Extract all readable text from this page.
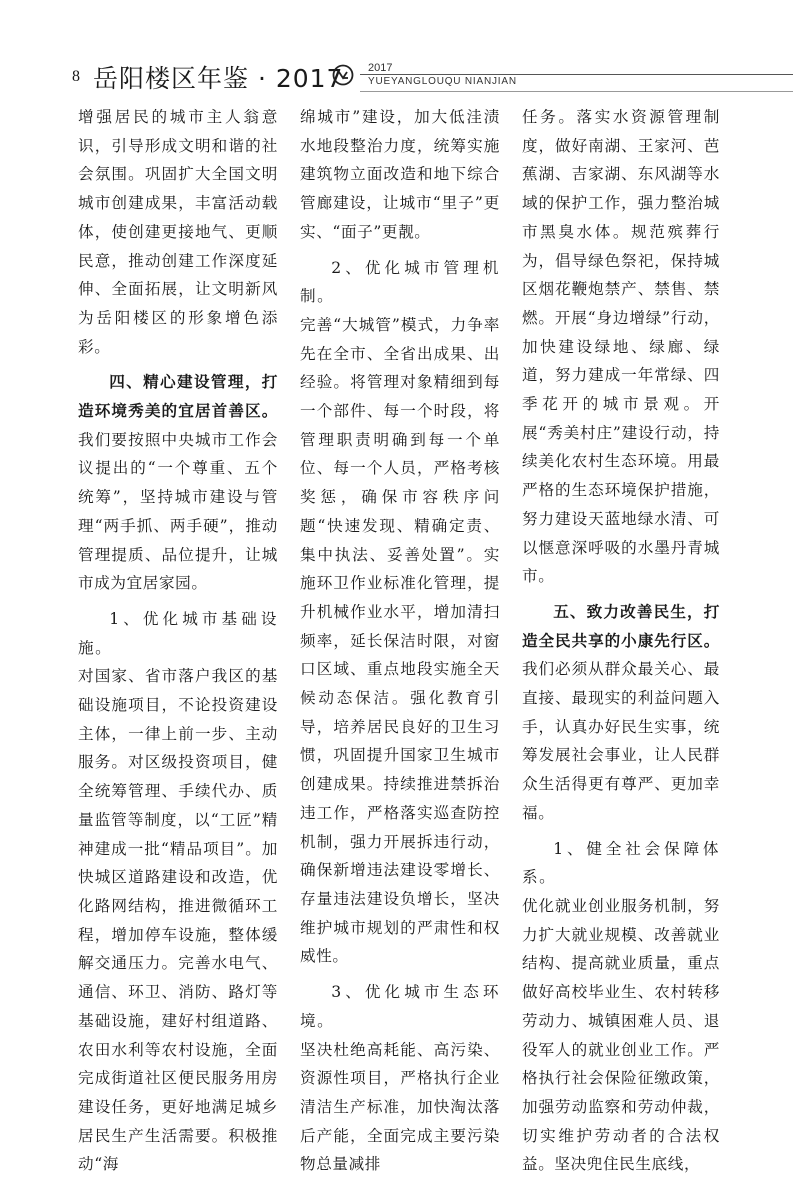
8 岳阳楼区年鉴 · 2017 2017
YUEYANGLOUQU NIANJIAN

增强居民的城市主人翁意识，引导形成文明和谐的社会氛围。巩固扩大全国文明城市创建成果，丰富活动载体，使创建更接地气、更顺民意，推动创建工作深度延伸、全面拓展，让文明新风为岳阳楼区的形象增色添彩。

四、精心建设管理，打造环境秀美的宜居首善区。我们要按照中央城市工作会议提出的“一个尊重、五个统筹”，坚持城市建设与管理“两手抓、两手硬”，推动管理提质、品位提升，让城市成为宜居家园。

1、优化城市基础设施。

对国家、省市落户我区的基础设施项目，不论投资建设主体，一律上前一步、主动服务。对区级投资项目，健全统筹管理、手续代办、质量监管等制度，以“工匠”精神建成一批“精品项目”。加快城区道路建设和改造，优化路网结构，推进微循环工程，增加停车设施，整体缓解交通压力。完善水电气、通信、环卫、消防、路灯等基础设施，建好村组道路、农田水利等农村设施，全面完成街道社区便民服务用房建设任务，更好地满足城乡居民生产生活需要。积极推动“海

绵城市”建设，加大低洼渍水地段整治力度，统筹实施建筑物立面改造和地下综合管廊建设，让城市“里子”更实、“面子”更靓。

2、优化城市管理机制。

完善“大城管”模式，力争率先在全市、全省出成果、出经验。将管理对象精细到每一个部件、每一个时段，将管理职责明确到每一个单位、每一个人员，严格考核奖惩，确保市容秩序问题“快速发现、精确定责、集中执法、妥善处置”。实施环卫作业标准化管理，提升机械作业水平，增加清扫频率，延长保洁时限，对窗口区域、重点地段实施全天候动态保洁。强化教育引导，培养居民良好的卫生习惯，巩固提升国家卫生城市创建成果。持续推进禁拆治违工作，严格落实巡查防控机制，强力开展拆违行动，确保新增违法建设零增长、存量违法建设负增长，坚决维护城市规划的严肃性和权威性。

3、优化城市生态环境。

坚决杜绝高耗能、高污染、资源性项目，严格执行企业清洁生产标准，加快淘汰落后产能，全面完成主要污染物总量减排

任务。落实水资源管理制度，做好南湖、王家河、芭蕉湖、吉家湖、东风湖等水域的保护工作，强力整治城市黑臭水体。规范殡葬行为，倡导绿色祭祀，保持城区烟花鞭炮禁产、禁售、禁燃。开展“身边增绿”行动，加快建设绿地、绿廊、绿道，努力建成一年常绿、四季花开的城市景观。开展“秀美村庄”建设行动，持续美化农村生态环境。用最严格的生态环境保护措施，努力建设天蓝地绿水清、可以惬意深呼吸的水墨丹青城市。

五、致力改善民生，打造全民共享的小康先行区。我们必须从群众最关心、最直接、最现实的利益问题入手，认真办好民生实事，统筹发展社会事业，让人民群众生活得更有尊严、更加幸福。

1、健全社会保障体系。

优化就业创业服务机制，努力扩大就业规模、改善就业结构、提高就业质量，重点做好高校毕业生、农村转移劳动力、城镇困难人员、退役军人的就业创业工作。严格执行社会保险征缴政策，加强劳动监察和劳动仲裁，切实维护劳动者的合法权益。坚决兜住民生底线，
